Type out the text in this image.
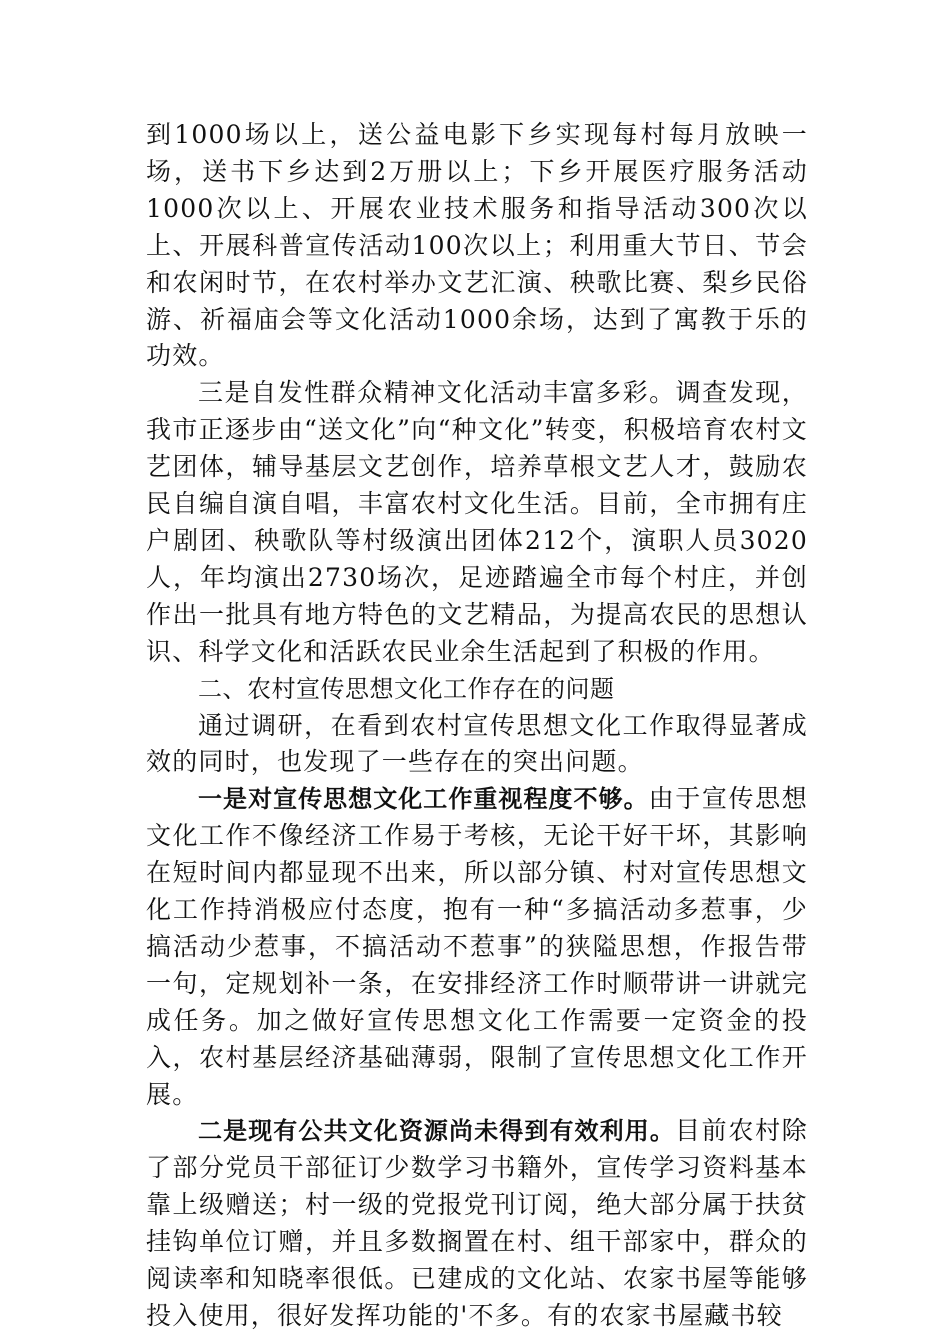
到1000场以上，送公益电影下乡实现每村每月放映一场，送书下乡达到2万册以上；下乡开展医疗服务活动1000次以上、开展农业技术服务和指导活动300次以上、开展科普宣传活动100次以上；利用重大节日、节会和农闲时节，在农村举办文艺汇演、秧歌比赛、梨乡民俗游、祈福庙会等文化活动1000余场，达到了寓教于乐的功效。

三是自发性群众精神文化活动丰富多彩。调查发现，我市正逐步由“送文化”向“种文化”转变，积极培育农村文艺团体，辅导基层文艺创作，培养草根文艺人才，鼓励农民自编自演自唱，丰富农村文化生活。目前，全市拥有庄户剧团、秧歌队等村级演出团体212个，演职人员3020人，年均演出2730场次，足迹踏遍全市每个村庄，并创作出一批具有地方特色的文艺精品，为提高农民的思想认识、科学文化和活跃农民业余生活起到了积极的作用。

二、农村宣传思想文化工作存在的问题

通过调研，在看到农村宣传思想文化工作取得显著成效的同时，也发现了一些存在的突出问题。

一是对宣传思想文化工作重视程度不够。由于宣传思想文化工作不像经济工作易于考核，无论干好干坏，其影响在短时间内都显现不出来，所以部分镇、村对宣传思想文化工作持消极应付态度，抱有一种“多搞活动多惹事，少搞活动少惹事，不搞活动不惹事”的狭隘思想，作报告带一句，定规划补一条，在安排经济工作时顺带讲一讲就完成任务。加之做好宣传思想文化工作需要一定资金的投入，农村基层经济基础薄弱，限制了宣传思想文化工作开展。

二是现有公共文化资源尚未得到有效利用。目前农村除了部分党员干部征订少数学习书籍外，宣传学习资料基本靠上级赠送；村一级的党报党刊订阅，绝大部分属于扶贫挂钩单位订赠，并且多数搁置在村、组干部家中，群众的阅读率和知晓率很低。已建成的文化站、农家书屋等能够投入使用，很好发挥功能的'不多。有的农家书屋藏书较
